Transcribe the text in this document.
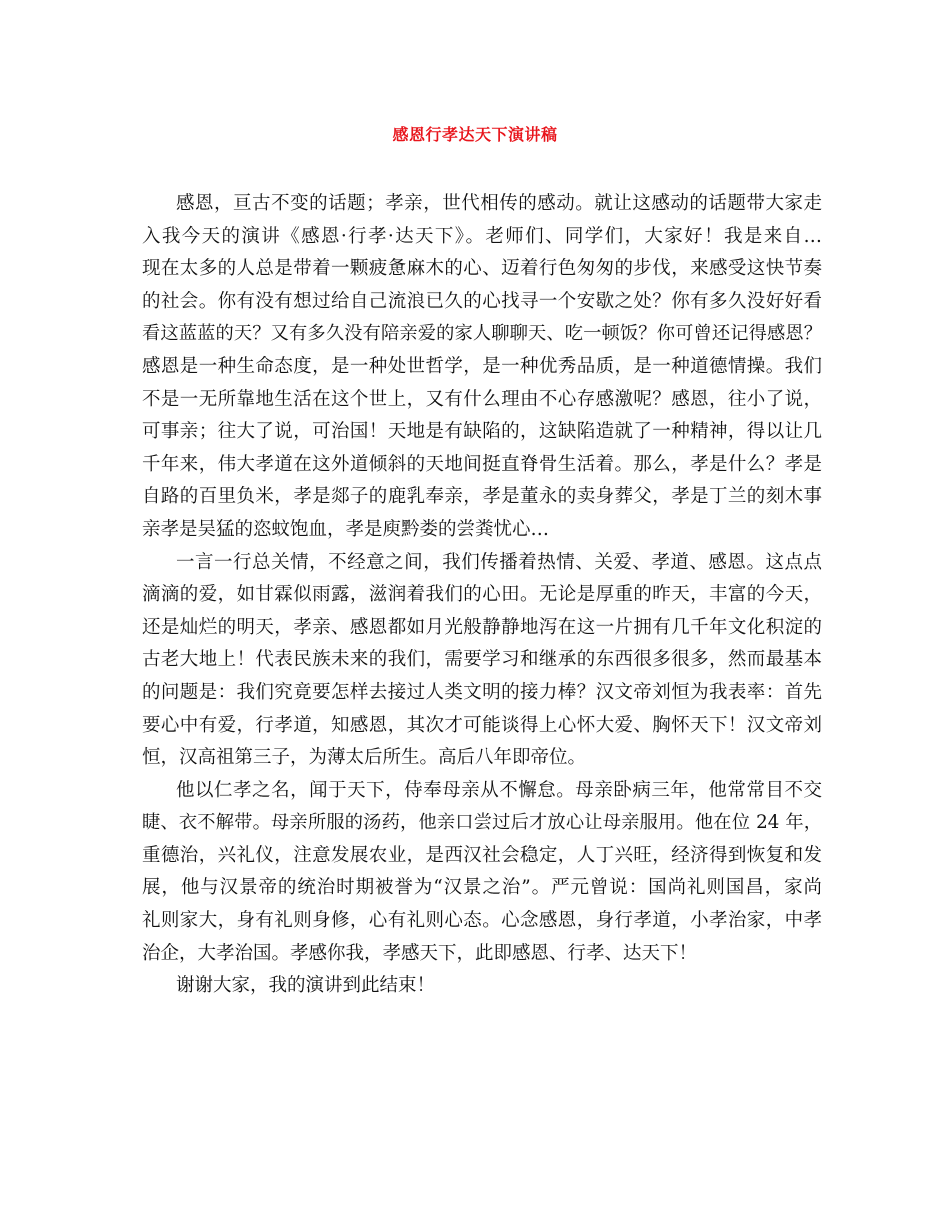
感恩行孝达天下演讲稿
感恩，亘古不变的话题；孝亲，世代相传的感动。就让这感动的话题带大家走
入我今天的演讲《感恩·行孝·达天下》。老师们、同学们，大家好！我是来自…
现在太多的人总是带着一颗疲惫麻木的心、迈着行色匆匆的步伐，来感受这快节奏
的社会。你有没有想过给自己流浪已久的心找寻一个安歇之处？你有多久没好好看
看这蓝蓝的天？又有多久没有陪亲爱的家人聊聊天、吃一顿饭？你可曾还记得感恩？
感恩是一种生命态度，是一种处世哲学，是一种优秀品质，是一种道德情操。我们
不是一无所靠地生活在这个世上，又有什么理由不心存感激呢？感恩，往小了说，
可事亲；往大了说，可治国！天地是有缺陷的，这缺陷造就了一种精神，得以让几
千年来，伟大孝道在这外道倾斜的天地间挺直脊骨生活着。那么，孝是什么？孝是
自路的百里负米，孝是郯子的鹿乳奉亲，孝是董永的卖身葬父，孝是丁兰的刻木事
亲孝是吴猛的恣蚊饱血，孝是庾黔娄的尝粪忧心…
一言一行总关情，不经意之间，我们传播着热情、关爱、孝道、感恩。这点点
滴滴的爱，如甘霖似雨露，滋润着我们的心田。无论是厚重的昨天，丰富的今天，
还是灿烂的明天，孝亲、感恩都如月光般静静地泻在这一片拥有几千年文化积淀的
古老大地上！代表民族未来的我们，需要学习和继承的东西很多很多，然而最基本
的问题是：我们究竟要怎样去接过人类文明的接力棒？汉文帝刘恒为我表率：首先
要心中有爱，行孝道，知感恩，其次才可能谈得上心怀大爱、胸怀天下！汉文帝刘
恒，汉高祖第三子，为薄太后所生。高后八年即帝位。
他以仁孝之名，闻于天下，侍奉母亲从不懈怠。母亲卧病三年，他常常目不交
睫、衣不解带。母亲所服的汤药，他亲口尝过后才放心让母亲服用。他在位 24 年，
重德治，兴礼仪，注意发展农业，是西汉社会稳定，人丁兴旺，经济得到恢复和发
展，他与汉景帝的统治时期被誉为“汉景之治”。严元曾说：国尚礼则国昌，家尚
礼则家大，身有礼则身修，心有礼则心态。心念感恩，身行孝道，小孝治家，中孝
治企，大孝治国。孝感你我，孝感天下，此即感恩、行孝、达天下！
谢谢大家，我的演讲到此结束！
